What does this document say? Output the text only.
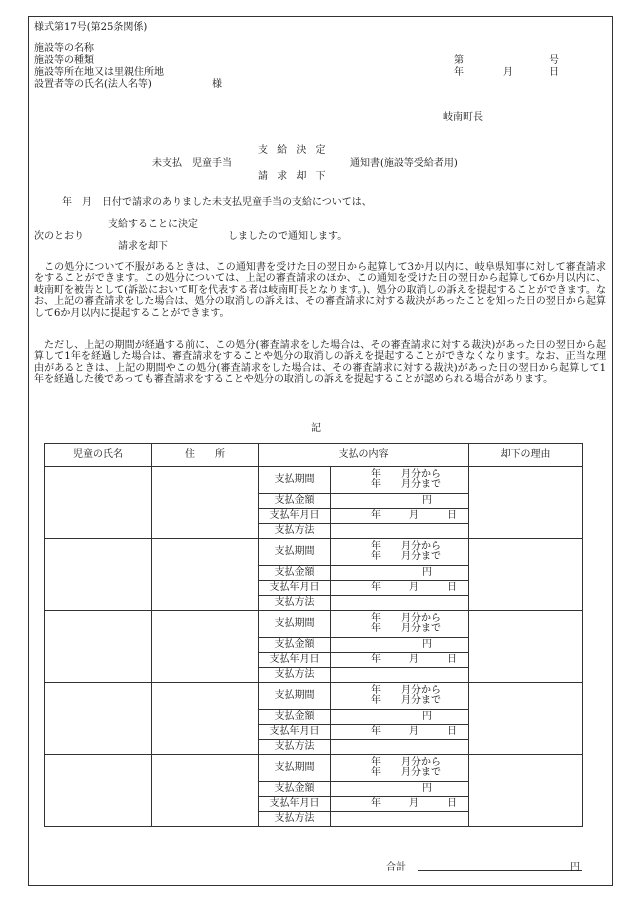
様式第17号(第25条関係)
施設等の名称
施設等の種類
施設等所在地又は里親住所地
設置者等の氏名(法人名等)	様
第	号
年	月	日
岐南町長
支 給 決 定
未支払　児童手当	通知書(施設等受給者用)
請 求 却 下
年　月　日付で請求のありました未支払児童手当の支給については、
支給することに決定
次のとおり	しましたので通知します。
請求を却下
この処分について不服があるときは、この通知書を受けた日の翌日から起算して3か月以内に、岐阜県知事に対して審査請求をすることができます。この処分については、上記の審査請求のほか、この通知を受けた日の翌日から起算して6か月以内に、岐南町を被告として(訴訟において町を代表する者は岐南町長となります。)、処分の取消しの訴えを提起することができます。なお、上記の審査請求をした場合は、処分の取消しの訴えは、その審査請求に対する裁決があったことを知った日の翌日から起算して6か月以内に提起することができます。
ただし、上記の期間が経過する前に、この処分(審査請求をした場合は、その審査請求に対する裁決)があった日の翌日から起算して1年を経過した場合は、審査請求をすることや処分の取消しの訴えを提起することができなくなります。なお、正当な理由があるときは、上記の期間やこの処分(審査請求をした場合は、その審査請求に対する裁決)があった日の翌日から起算して1年を経過した後であっても審査請求をすることや処分の取消しの訴えを提起することが認められる場合があります。
記
児童の氏名	住　　所	支払の内容		却下の理由
		支払期間	年　　月分から
年　　月分まで	

		支払金額	円	
		支払年月日	年 月 日	
		支払方法		
		支払期間	年　　月分から
年　　月分まで	

		支払金額	円	
		支払年月日	年 月 日	
		支払方法		
		支払期間	年　　月分から
年　　月分まで	

		支払金額	円	
		支払年月日	年 月 日	
		支払方法		
		支払期間	年　　月分から
年　　月分まで	

		支払金額	円	
		支払年月日	年 月 日	
		支払方法		
		支払期間	年　　月分から
年　　月分まで	

		支払金額	円	
		支払年月日	年 月 日	
		支払方法		
合計	円
